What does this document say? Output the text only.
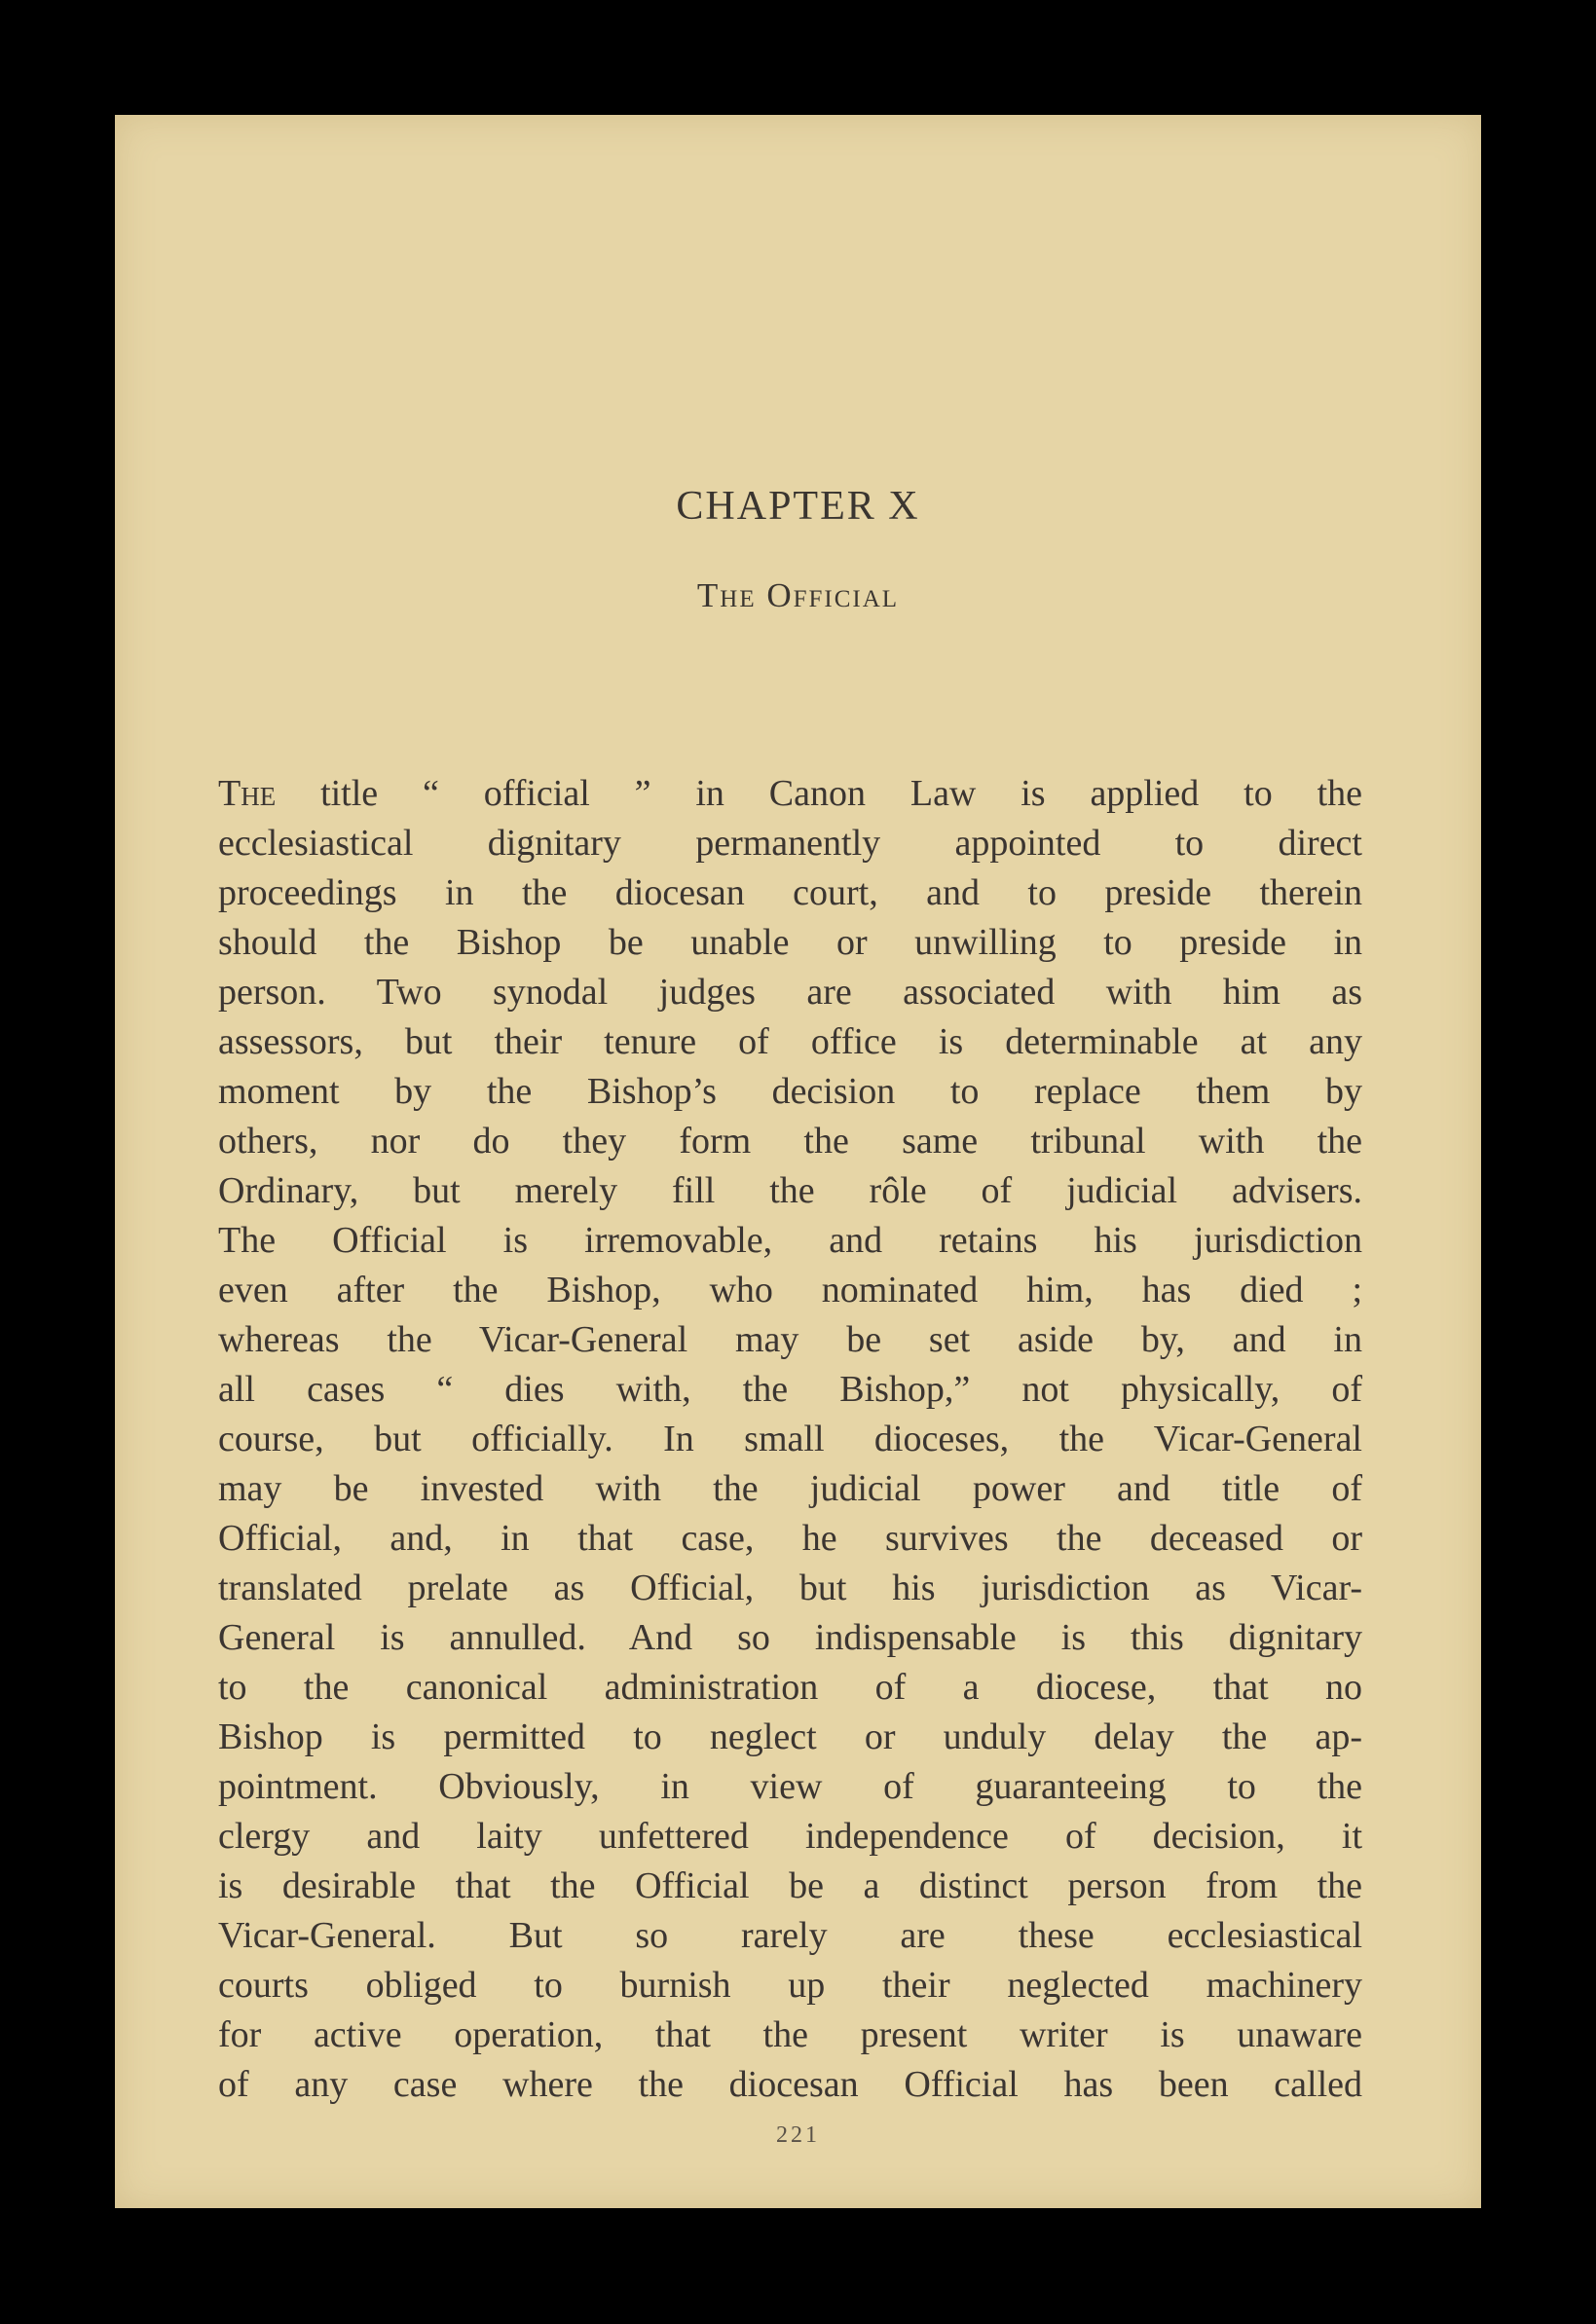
CHAPTER X
The Official
The title “ official ” in Canon Law is applied to the
ecclesiastical dignitary permanently appointed to direct
proceedings in the diocesan court, and to preside therein
should the Bishop be unable or unwilling to preside in
person. Two synodal judges are associated with him as
assessors, but their tenure of office is determinable at any
moment by the Bishop’s decision to replace them by
others, nor do they form the same tribunal with the
Ordinary, but merely fill the rôle of judicial advisers.
The Official is irremovable, and retains his jurisdiction
even after the Bishop, who nominated him, has died ;
whereas the Vicar-General may be set aside by, and in
all cases “ dies with, the Bishop,” not physically, of
course, but officially. In small dioceses, the Vicar-General
may be invested with the judicial power and title of
Official, and, in that case, he survives the deceased or
translated prelate as Official, but his jurisdiction as Vicar-
General is annulled. And so indispensable is this dignitary
to the canonical administration of a diocese, that no
Bishop is permitted to neglect or unduly delay the ap-
pointment. Obviously, in view of guaranteeing to the
clergy and laity unfettered independence of decision, it
is desirable that the Official be a distinct person from the
Vicar-General. But so rarely are these ecclesiastical
courts obliged to burnish up their neglected machinery
for active operation, that the present writer is unaware
of any case where the diocesan Official has been called
221
